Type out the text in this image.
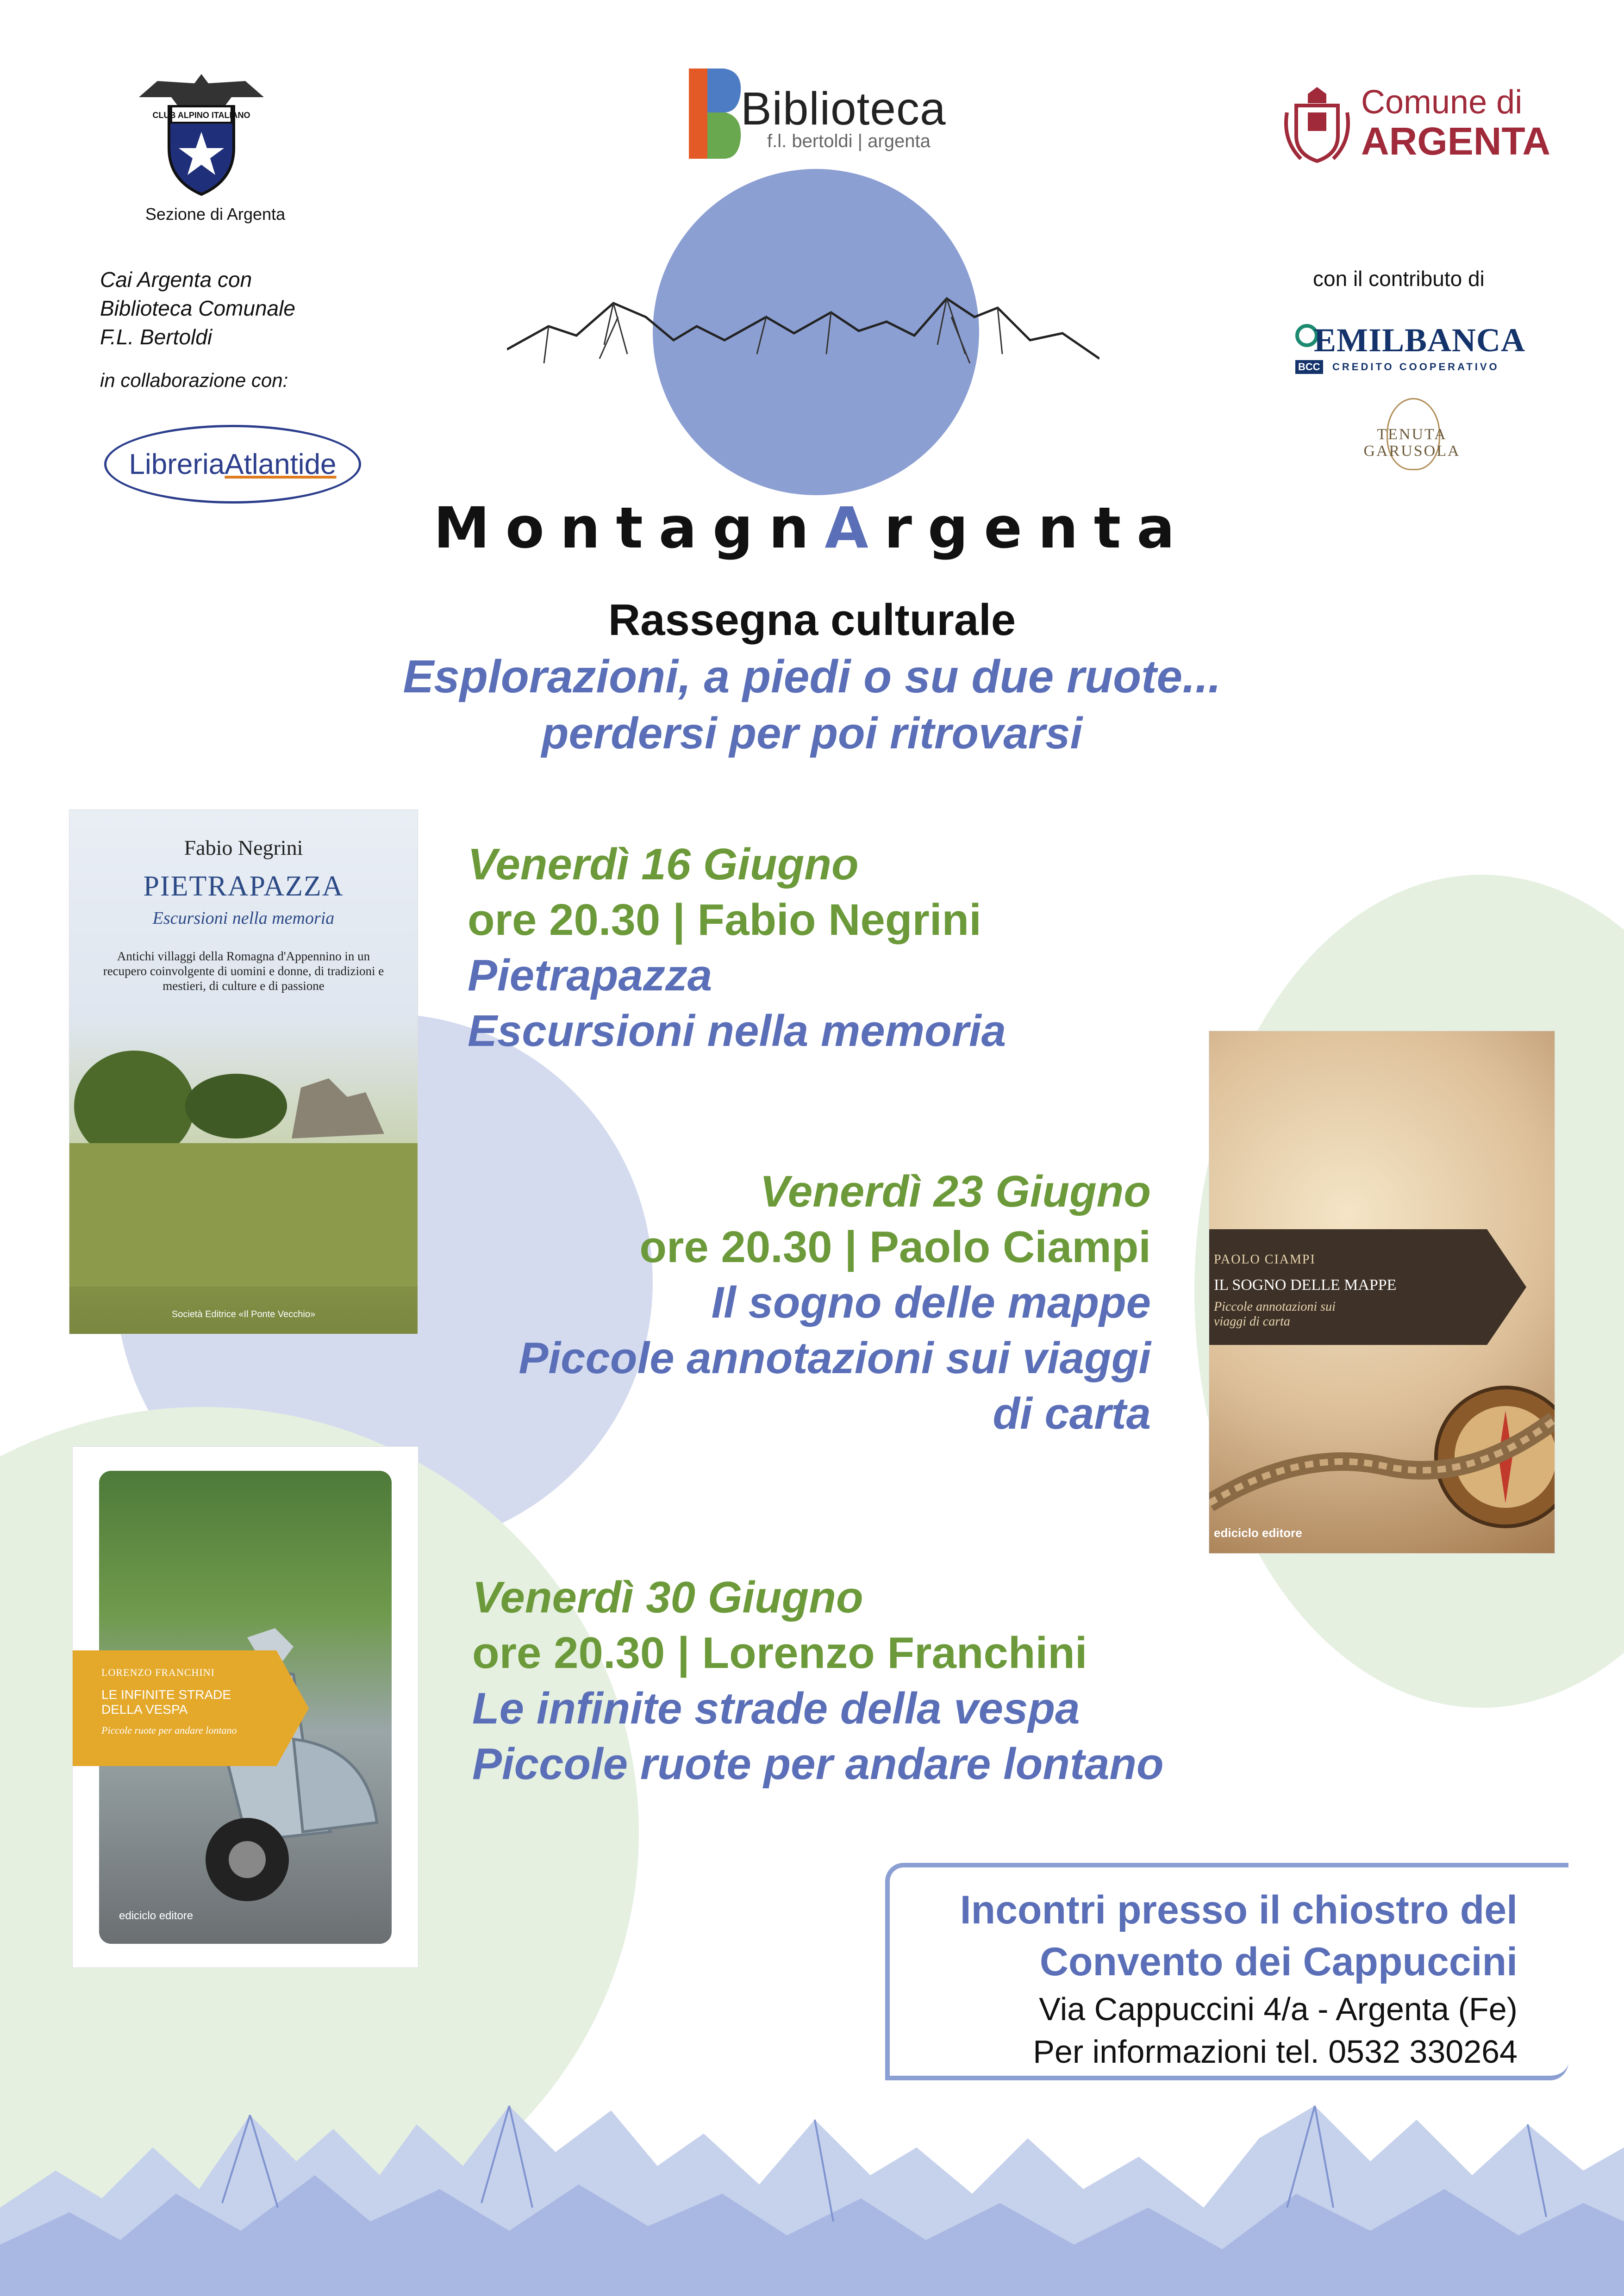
CLUB ALPINO ITALIANO
Sezione di Argenta
Cai Argenta con
Biblioteca Comunale
F.L. Bertoldi
in collaborazione con:
LibreriaAtlantide
Biblioteca
f.l. bertoldi | argenta
Comune di
ARGENTA
con il contributo di
EMILBANCA
BCC CREDITO COOPERATIVO
TENUTA
GARUSOLA
MontagnArgenta
Rassegna culturale
Esplorazioni, a piedi o su due ruote...
perdersi per poi ritrovarsi
Fabio Negrini
PIETRAPAZZA
Escursioni nella memoria
Antichi villaggi della Romagna d'Appennino in un recupero coinvolgente di uomini e donne, di tradizioni e mestieri, di culture e di passione
Società Editrice «Il Ponte Vecchio»
PAOLO CIAMPI
IL SOGNO DELLE MAPPE
Piccole annotazioni sui viaggi di carta
ediciclo editore
LORENZO FRANCHINI
LE INFINITE STRADE DELLA VESPA
Piccole ruote per andare lontano
ediciclo editore
Venerdì 16 Giugno
ore 20.30 | Fabio Negrini
Pietrapazza
Escursioni nella memoria
Venerdì 23 Giugno
ore 20.30 | Paolo Ciampi
Il sogno delle mappe
Piccole annotazioni sui viaggi
di carta
Venerdì 30 Giugno
ore 20.30 | Lorenzo Franchini
Le infinite strade della vespa
Piccole ruote per andare lontano
Incontri presso il chiostro del
Convento dei Cappuccini
Via Cappuccini 4/a - Argenta (Fe)
Per informazioni tel. 0532 330264
